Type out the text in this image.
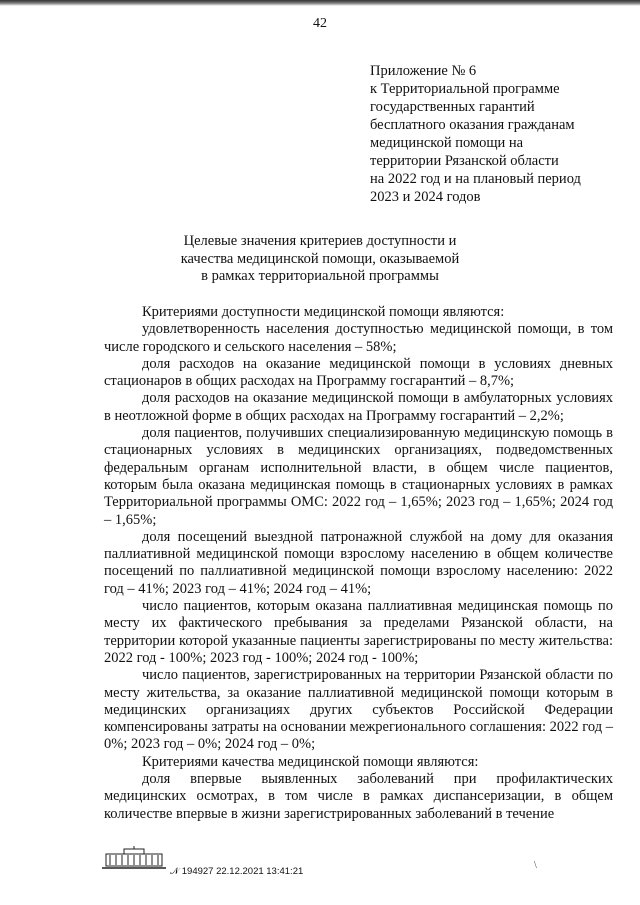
42
Приложение № 6
к Территориальной программе
государственных гарантий
бесплатного оказания гражданам
медицинской помощи на
территории Рязанской области
на 2022 год и на плановый период
2023 и 2024 годов
Целевые значения критериев доступности и
качества медицинской помощи, оказываемой
в рамках территориальной программы

Критериями доступности медицинской помощи являются:

удовлетворенность населения доступностью медицинской помощи, в том числе городского и сельского населения – 58%;

доля расходов на оказание медицинской помощи в условиях дневных стационаров в общих расходах на Программу госгарантий – 8,7%;

доля расходов на оказание медицинской помощи в амбулаторных условиях в неотложной форме в общих расходах на Программу госгарантий – 2,2%;

доля пациентов, получивших специализированную медицинскую помощь в стационарных условиях в медицинских организациях, подведомственных федеральным органам исполнительной власти, в общем числе пациентов, которым была оказана медицинская помощь в стационарных условиях в рамках Территориальной программы ОМС: 2022 год – 1,65%; 2023 год – 1,65%; 2024 год – 1,65%;

доля посещений выездной патронажной службой на дому для оказания паллиативной медицинской помощи взрослому населению в общем количестве посещений по паллиативной медицинской помощи взрослому населению: 2022 год – 41%; 2023 год – 41%; 2024 год – 41%;

число пациентов, которым оказана паллиативная медицинская помощь по месту их фактического пребывания за пределами Рязанской области, на территории которой указанные пациенты зарегистрированы по месту жительства: 2022 год - 100%; 2023 год - 100%; 2024 год - 100%;

число пациентов, зарегистрированных на территории Рязанской области по месту жительства, за оказание паллиативной медицинской помощи которым в медицинских организациях других субъектов Российской Федерации компенсированы затраты на основании межрегионального соглашения: 2022 год – 0%; 2023 год – 0%; 2024 год – 0%;

Критериями качества медицинской помощи являются:

доля впервые выявленных заболеваний при профилактических медицинских осмотрах, в том числе в рамках диспансеризации, в общем количестве впервые в жизни зарегистрированных заболеваний в течение

𝒩 194927 22.12.2021 13:41:21
\
